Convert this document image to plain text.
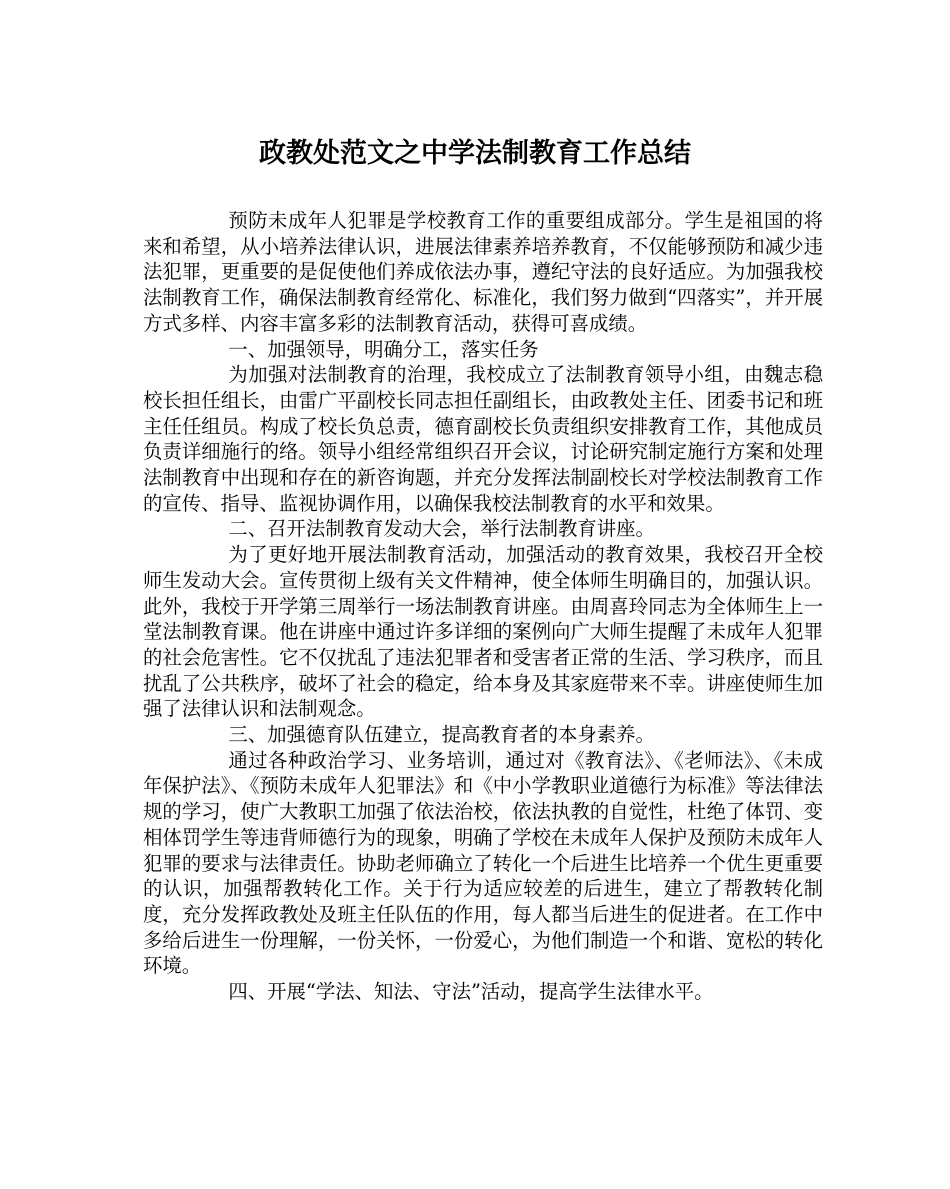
政教处范文之中学法制教育工作总结

预防未成年人犯罪是学校教育工作的重要组成部分。学生是祖国的将来和希望，从小培养法律认识，进展法律素养培养教育，不仅能够预防和减少违法犯罪，更重要的是促使他们养成依法办事，遵纪守法的良好适应。为加强我校法制教育工作，确保法制教育经常化、标准化，我们努力做到“四落实”，并开展方式多样、内容丰富多彩的法制教育活动，获得可喜成绩。

一、加强领导，明确分工，落实任务

为加强对法制教育的治理，我校成立了法制教育领导小组，由魏志稳校长担任组长，由雷广平副校长同志担任副组长，由政教处主任、团委书记和班主任任组员。构成了校长负总责，德育副校长负责组织安排教育工作，其他成员负责详细施行的络。领导小组经常组织召开会议，讨论研究制定施行方案和处理法制教育中出现和存在的新咨询题，并充分发挥法制副校长对学校法制教育工作的宣传、指导、监视协调作用，以确保我校法制教育的水平和效果。

二、召开法制教育发动大会，举行法制教育讲座。

为了更好地开展法制教育活动，加强活动的教育效果，我校召开全校师生发动大会。宣传贯彻上级有关文件精神，使全体师生明确目的，加强认识。此外，我校于开学第三周举行一场法制教育讲座。由周喜玲同志为全体师生上一堂法制教育课。他在讲座中通过许多详细的案例向广大师生提醒了未成年人犯罪的社会危害性。它不仅扰乱了违法犯罪者和受害者正常的生活、学习秩序，而且扰乱了公共秩序，破坏了社会的稳定，给本身及其家庭带来不幸。讲座使师生加强了法律认识和法制观念。

三、加强德育队伍建立，提高教育者的本身素养。

通过各种政治学习、业务培训，通过对《教育法》、《老师法》、《未成年保护法》、《预防未成年人犯罪法》和《中小学教职业道德行为标准》等法律法规的学习，使广大教职工加强了依法治校，依法执教的自觉性，杜绝了体罚、变相体罚学生等违背师德行为的现象，明确了学校在未成年人保护及预防未成年人犯罪的要求与法律责任。协助老师确立了转化一个后进生比培养一个优生更重要的认识，加强帮教转化工作。关于行为适应较差的后进生，建立了帮教转化制度，充分发挥政教处及班主任队伍的作用，每人都当后进生的促进者。在工作中多给后进生一份理解，一份关怀，一份爱心，为他们制造一个和谐、宽松的转化环境。

四、开展“学法、知法、守法”活动，提高学生法律水平。
